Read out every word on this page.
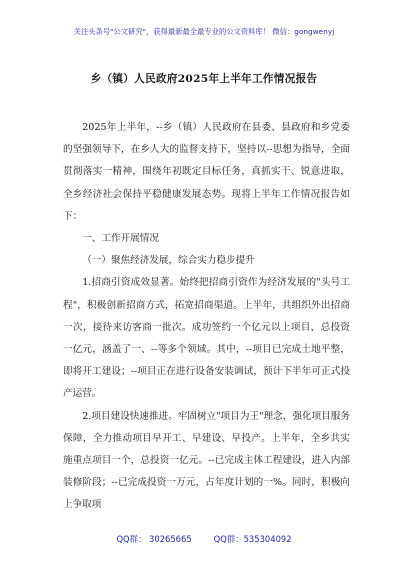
关注头条号"公文研究"，获得最新最全最专业的公文资料库！ 微信：gongwenyj
乡（镇）人民政府2025年上半年工作情况报告

2025年上半年，--乡（镇）人民政府在县委、县政府和乡党委的坚强领导下，在乡人大的监督支持下，坚持以--思想为指导，全面贯彻落实一精神，围绕年初既定目标任务，真抓实干、锐意进取，全乡经济社会保持平稳健康发展态势。现将上半年工作情况报告如下：

一、工作开展情况

（一）聚焦经济发展，综合实力稳步提升

1.招商引资成效显著。始终把招商引资作为经济发展的"头号工程"，积极创新招商方式，拓宽招商渠道。上半年，共组织外出招商一次，接待来访客商一批次。成功签约一个亿元以上项目，总投资一亿元，涵盖了一、--等多个领域。其中，--项目已完成土地平整，即将开工建设；--项目正在进行设备安装调试，预计下半年可正式投产运营。

2.项目建设快速推进。牢固树立"项目为王"理念，强化项目服务保障，全力推动项目早开工、早建设、早投产。上半年，全乡共实施重点项目一个，总投资一亿元。--已完成主体工程建设，进入内部装修阶段；--已完成投资一万元，占年度计划的一%。同时，积极向上争取项

QQ群： 30265665	QQ群：535304092
